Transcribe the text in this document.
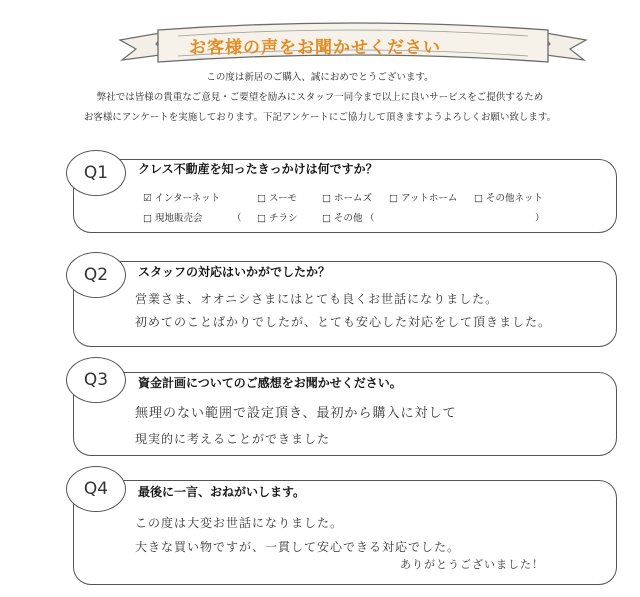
お客様の声をお聞かせください
この度は新居のご購入、誠におめでとうございます。
弊社では皆様の貴重なご意見・ご要望を励みにスタッフ一同今まで以上に良いサービスをご提供するため
お客様にアンケートを実施しております。下記アンケートにご協力して頂きますようよろしくお願い致します。
Q1	クレス不動産を知ったきっかけは何ですか？
☑ インターネット	□ スーモ	□ ホームズ □ アットホーム □ その他ネット
□ 現地販売会	（ □ チラシ	□ その他 （	）
Q2	スタッフの対応はいかがでしたか？
営業さま、オオニシさまにはとても良くお世話になりました。
初めてのことばかりでしたが、とても安心した対応をして頂きました。
Q3	資金計画についてのご感想をお聞かせください。
無理のない範囲で設定頂き、最初から購入に対して
現実的に考えることができました
Q4	最後に一言、おねがいします。
この度は大変お世話になりました。
大きな買い物ですが、一貫して安心できる対応でした。
ありがとうございました！
